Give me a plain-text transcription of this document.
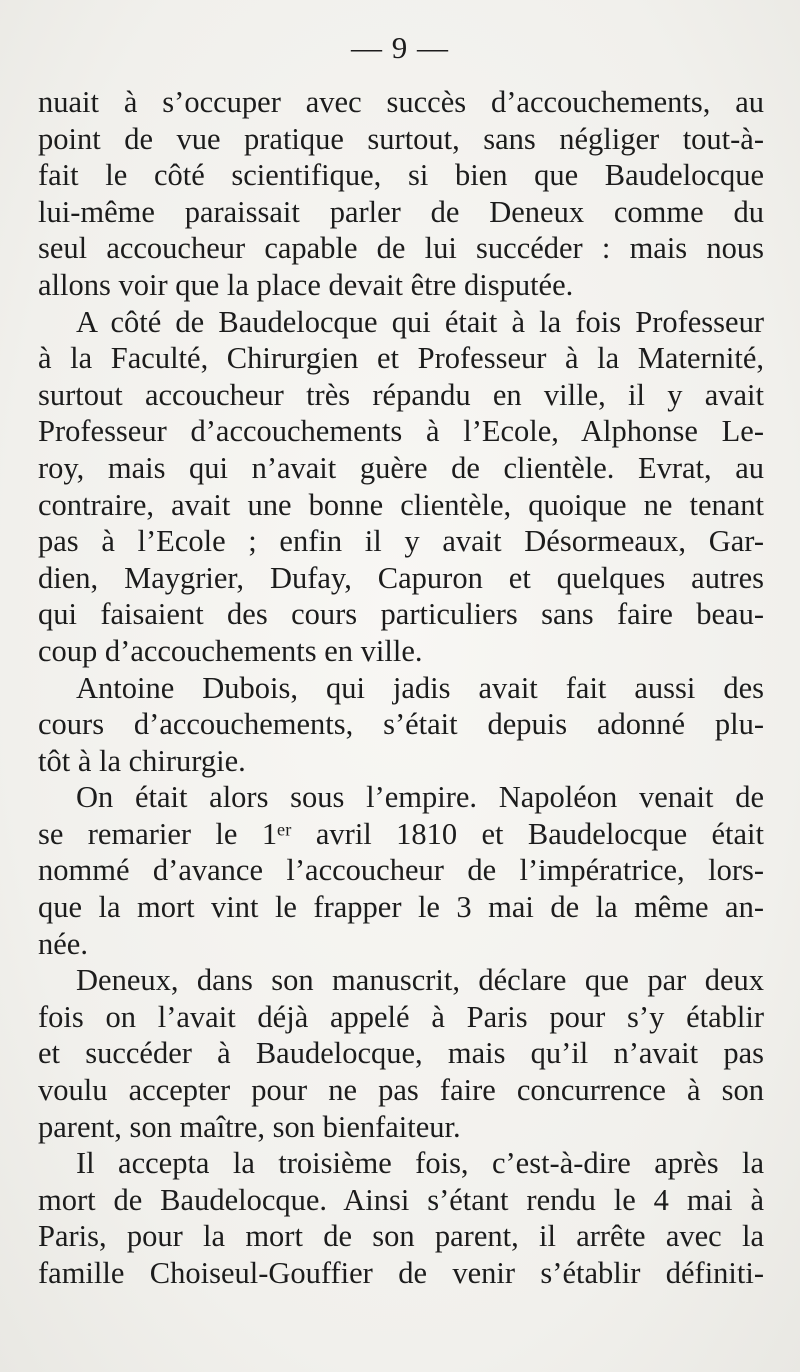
— 9 —
nuait à s’occuper avec succès d’accouchements, au
point de vue pratique surtout, sans négliger tout-à-
fait le côté scientifique, si bien que Baudelocque
lui-même paraissait parler de Deneux comme du
seul accoucheur capable de lui succéder : mais nous
allons voir que la place devait être disputée.
A côté de Baudelocque qui était à la fois Professeur
à la Faculté, Chirurgien et Professeur à la Maternité,
surtout accoucheur très répandu en ville, il y avait
Professeur d’accouchements à l’Ecole, Alphonse Le-
roy, mais qui n’avait guère de clientèle. Evrat, au
contraire, avait une bonne clientèle, quoique ne tenant
pas à l’Ecole ; enfin il y avait Désormeaux, Gar-
dien, Maygrier, Dufay, Capuron et quelques autres
qui faisaient des cours particuliers sans faire beau-
coup d’accouchements en ville.
Antoine Dubois, qui jadis avait fait aussi des
cours d’accouchements, s’était depuis adonné plu-
tôt à la chirurgie.
On était alors sous l’empire. Napoléon venait de
se remarier le 1ᵉʳ avril 1810 et Baudelocque était
nommé d’avance l’accoucheur de l’impératrice, lors-
que la mort vint le frapper le 3 mai de la même an-
née.
Deneux, dans son manuscrit, déclare que par deux
fois on l’avait déjà appelé à Paris pour s’y établir
et succéder à Baudelocque, mais qu’il n’avait pas
voulu accepter pour ne pas faire concurrence à son
parent, son maître, son bienfaiteur.
Il accepta la troisième fois, c’est-à-dire après la
mort de Baudelocque. Ainsi s’étant rendu le 4 mai à
Paris, pour la mort de son parent, il arrête avec la
famille Choiseul-Gouffier de venir s’établir définiti-
